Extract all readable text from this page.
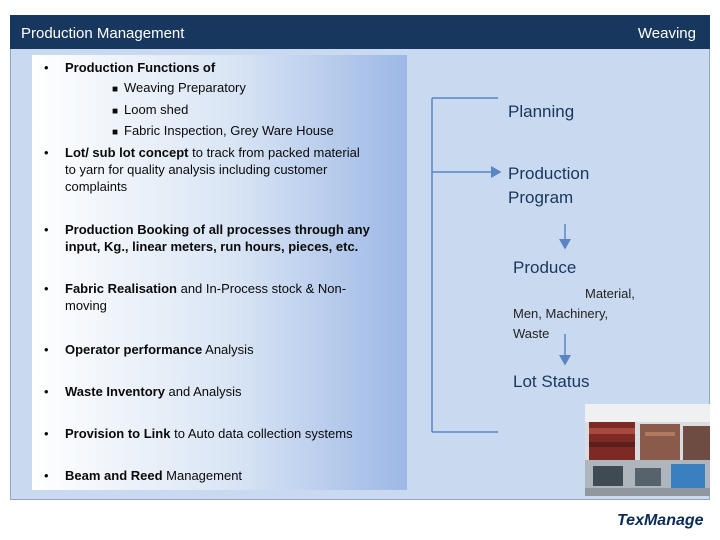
Production Management	Weaving
• Production Functions of
■ Weaving Preparatory
■ Loom shed
■ Fabric Inspection, Grey Ware House
• Lot/ sub lot concept to track from packed material
to yarn for quality analysis including customer
complaints
• Production Booking of all processes through any
input, Kg., linear meters, run hours, pieces, etc.
• Fabric Realisation and In-Process stock & Non-
moving
• Operator performance Analysis
• Waste Inventory and Analysis
• Provision to Link to Auto data collection systems
• Beam and Reed Management
Planning
Production
Program
Produce
Material,
Men, Machinery,
Waste
Lot Status
TexManage
